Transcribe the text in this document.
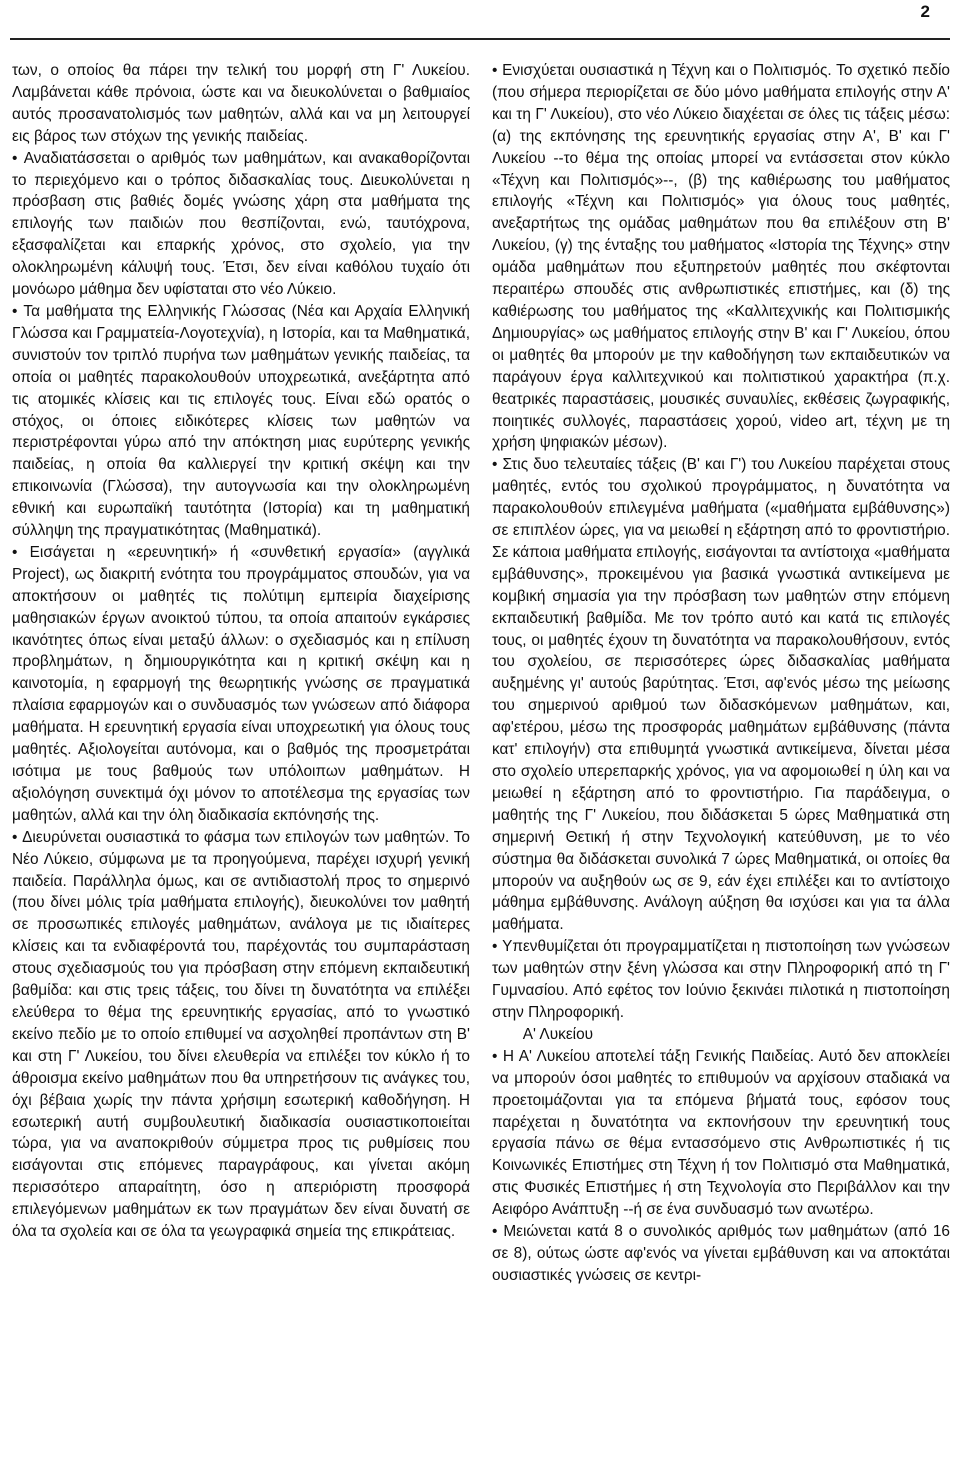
2

των, ο οποίος θα πάρει την τελική του μορφή στη Γ' Λυκείου. Λαμβάνεται κάθε πρόνοια, ώστε και να διευκολύνεται ο βαθμιαίος αυτός προσανατολισμός των μαθητών, αλλά και να μη λειτουργεί εις βάρος των στόχων της γενικής παιδείας.

• Αναδιατάσσεται ο αριθμός των μαθημάτων, και ανακαθορίζονται το περιεχόμενο και ο τρόπος διδασκαλίας τους. Διευκολύνεται η πρόσβαση στις βαθιές δομές γνώσης χάρη στα μαθήματα της επιλογής των παιδιών που θεσπίζονται, ενώ, ταυτόχρονα, εξασφαλίζεται και επαρκής χρόνος, στο σχολείο, για την ολοκληρωμένη κάλυψή τους. Έτσι, δεν είναι καθόλου τυχαίο ότι μονόωρο μάθημα δεν υφίσταται στο νέο Λύκειο.

• Τα μαθήματα της Ελληνικής Γλώσσας (Νέα και Αρχαία Ελληνική Γλώσσα και Γραμματεία-Λογοτεχνία), η Ιστορία, και τα Μαθηματικά, συνιστούν τον τριπλό πυρήνα των μαθημάτων γενικής παιδείας, τα οποία οι μαθητές παρακολουθούν υποχρεωτικά, ανεξάρτητα από τις ατομικές κλίσεις και τις επιλογές τους. Είναι εδώ ορατός ο στόχος, οι όποιες ειδικότερες κλίσεις των μαθητών να περιστρέφονται γύρω από την απόκτηση μιας ευρύτερης γενικής παιδείας, η οποία θα καλλιεργεί την κριτική σκέψη και την επικοινωνία (Γλώσσα), την αυτογνωσία και την ολοκληρωμένη εθνική και ευρωπαϊκή ταυτότητα (Ιστορία) και τη μαθηματική σύλληψη της πραγματικότητας (Μαθηματικά).

• Εισάγεται η «ερευνητική» ή «συνθετική εργασία» (αγγλικά Project), ως διακριτή ενότητα του προγράμματος σπουδών, για να αποκτήσουν οι μαθητές τις πολύτιμη εμπειρία διαχείρισης μαθησιακών έργων ανοικτού τύπου, τα οποία απαιτούν εγκάρσιες ικανότητες όπως είναι μεταξύ άλλων: ο σχεδιασμός και η επίλυση προβλημάτων, η δημιουργικότητα και η κριτική σκέψη και η καινοτομία, η εφαρμογή της θεωρητικής γνώσης σε πραγματικά πλαίσια εφαρμογών και ο συνδυασμός των γνώσεων από διάφορα μαθήματα. Η ερευνητική εργασία είναι υποχρεωτική για όλους τους μαθητές. Αξιολογείται αυτόνομα, και ο βαθμός της προσμετράται ισότιμα με τους βαθμούς των υπόλοιπων μαθημάτων. Η αξιολόγηση συνεκτιμά όχι μόνον το αποτέλεσμα της εργασίας των μαθητών, αλλά και την όλη διαδικασία εκπόνησής της.

• Διευρύνεται ουσιαστικά το φάσμα των επιλογών των μαθητών. Το Νέο Λύκειο, σύμφωνα με τα προηγούμενα, παρέχει ισχυρή γενική παιδεία. Παράλληλα όμως, και σε αντιδιαστολή προς το σημερινό (που δίνει μόλις τρία μαθήματα επιλογής), διευκολύνει τον μαθητή σε προσωπικές επιλογές μαθημάτων, ανάλογα με τις ιδιαίτερες κλίσεις και τα ενδιαφέροντά του, παρέχοντάς του συμπαράσταση στους σχεδιασμούς του για πρόσβαση στην επόμενη εκπαιδευτική βαθμίδα: και στις τρεις τάξεις, του δίνει τη δυνατότητα να επιλέξει ελεύθερα το θέμα της ερευνητικής εργασίας, από το γνωστικό εκείνο πεδίο με το οποίο επιθυμεί να ασχοληθεί προπάντων στη Β' και στη Γ' Λυκείου, του δίνει ελευθερία να επιλέξει τον κύκλο ή το άθροισμα εκείνο μαθημάτων που θα υπηρετήσουν τις ανάγκες του, όχι βέβαια χωρίς την πάντα χρήσιμη εσωτερική καθοδήγηση. Η εσωτερική αυτή συμβουλευτική διαδικασία ουσιαστικοποιείται τώρα, για να αναποκριθούν σύμμετρα προς τις ρυθμίσεις που εισάγονται στις επόμενες παραγράφους, και γίνεται ακόμη περισσότερο απαραίτητη, όσο η απεριόριστη προσφορά επιλεγόμενων μαθημάτων εκ των πραγμάτων δεν είναι δυνατή σε όλα τα σχολεία και σε όλα τα γεωγραφικά σημεία της επικράτειας.

• Ενισχύεται ουσιαστικά η Τέχνη και ο Πολιτισμός. Το σχετικό πεδίο (που σήμερα περιορίζεται σε δύο μόνο μαθήματα επιλογής στην Α' και τη Γ' Λυκείου), στο νέο Λύκειο διαχέεται σε όλες τις τάξεις μέσω: (α) της εκπόνησης της ερευνητικής εργασίας στην Α', Β' και Γ' Λυκείου --το θέμα της οποίας μπορεί να εντάσσεται στον κύκλο «Τέχνη και Πολιτισμός»--, (β) της καθιέρωσης του μαθήματος επιλογής «Τέχνη και Πολιτισμός» για όλους τους μαθητές, ανεξαρτήτως της ομάδας μαθημάτων που θα επιλέξουν στη Β' Λυκείου, (γ) της ένταξης του μαθήματος «Ιστορία της Τέχνης» στην ομάδα μαθημάτων που εξυπηρετούν μαθητές που σκέφτονται περαιτέρω σπουδές στις ανθρωπιστικές επιστήμες, και (δ) της καθιέρωσης του μαθήματος της «Καλλιτεχνικής και Πολιτισμικής Δημιουργίας» ως μαθήματος επιλογής στην Β' και Γ' Λυκείου, όπου οι μαθητές θα μπορούν με την καθοδήγηση των εκπαιδευτικών να παράγουν έργα καλλιτεχνικού και πολιτιστικού χαρακτήρα (π.χ. θεατρικές παραστάσεις, μουσικές συναυλίες, εκθέσεις ζωγραφικής, ποιητικές συλλογές, παραστάσεις χορού, video art, τέχνη με τη χρήση ψηφιακών μέσων).

• Στις δυο τελευταίες τάξεις (Β' και Γ') του Λυκείου παρέχεται στους μαθητές, εντός του σχολικού προγράμματος, η δυνατότητα να παρακολουθούν επιλεγμένα μαθήματα («μαθήματα εμβάθυνσης») σε επιπλέον ώρες, για να μειωθεί η εξάρτηση από το φροντιστήριο. Σε κάποια μαθήματα επιλογής, εισάγονται τα αντίστοιχα «μαθήματα εμβάθυνσης», προκειμένου για βασικά γνωστικά αντικείμενα με κομβική σημασία για την πρόσβαση των μαθητών στην επόμενη εκπαιδευτική βαθμίδα. Με τον τρόπο αυτό και κατά τις επιλογές τους, οι μαθητές έχουν τη δυνατότητα να παρακολουθήσουν, εντός του σχολείου, σε περισσότερες ώρες διδασκαλίας μαθήματα αυξημένης γι' αυτούς βαρύτητας. Έτσι, αφ'ενός μέσω της μείωσης του σημερινού αριθμού των διδασκόμενων μαθημάτων, και, αφ'ετέρου, μέσω της προσφοράς μαθημάτων εμβάθυνσης (πάντα κατ' επιλογήν) στα επιθυμητά γνωστικά αντικείμενα, δίνεται μέσα στο σχολείο υπερεπαρκής χρόνος, για να αφομοιωθεί η ύλη και να μειωθεί η εξάρτηση από το φροντιστήριο. Για παράδειγμα, ο μαθητής της Γ' Λυκείου, που διδάσκεται 5 ώρες Μαθηματικά στη σημερινή Θετική ή στην Τεχνολογική κατεύθυνση, με το νέο σύστημα θα διδάσκεται συνολικά 7 ώρες Μαθηματικά, οι οποίες θα μπορούν να αυξηθούν ως σε 9, εάν έχει επιλέξει και το αντίστοιχο μάθημα εμβάθυνσης. Ανάλογη αύξηση θα ισχύσει και για τα άλλα μαθήματα.

• Υπενθυμίζεται ότι προγραμματίζεται η πιστοποίηση των γνώσεων των μαθητών στην ξένη γλώσσα και στην Πληροφορική από τη Γ' Γυμνασίου. Από εφέτος τον Ιούνιο ξεκινάει πιλοτικά η πιστοποίηση στην Πληροφορική.

Α' Λυκείου

• Η Α' Λυκείου αποτελεί τάξη Γενικής Παιδείας. Αυτό δεν αποκλείει να μπορούν όσοι μαθητές το επιθυμούν να αρχίσουν σταδιακά να προετοιμάζονται για τα επόμενα βήματά τους, εφόσον τους παρέχεται η δυνατότητα να εκπονήσουν την ερευνητική τους εργασία πάνω σε θέμα εντασσόμενο στις Ανθρωπιστικές ή τις Κοινωνικές Επιστήμες στη Τέχνη ή τον Πολιτισμό στα Μαθηματικά, στις Φυσικές Επιστήμες ή στη Τεχνολογία στο Περιβάλλον και την Αειφόρο Ανάπτυξη --ή σε ένα συνδυασμό των ανωτέρω.

• Μειώνεται κατά 8 ο συνολικός αριθμός των μαθημάτων (από 16 σε 8), ούτως ώστε αφ'ενός να γίνεται εμβάθυνση και να αποκτάται ουσιαστικές γνώσεις σε κεντρι-
